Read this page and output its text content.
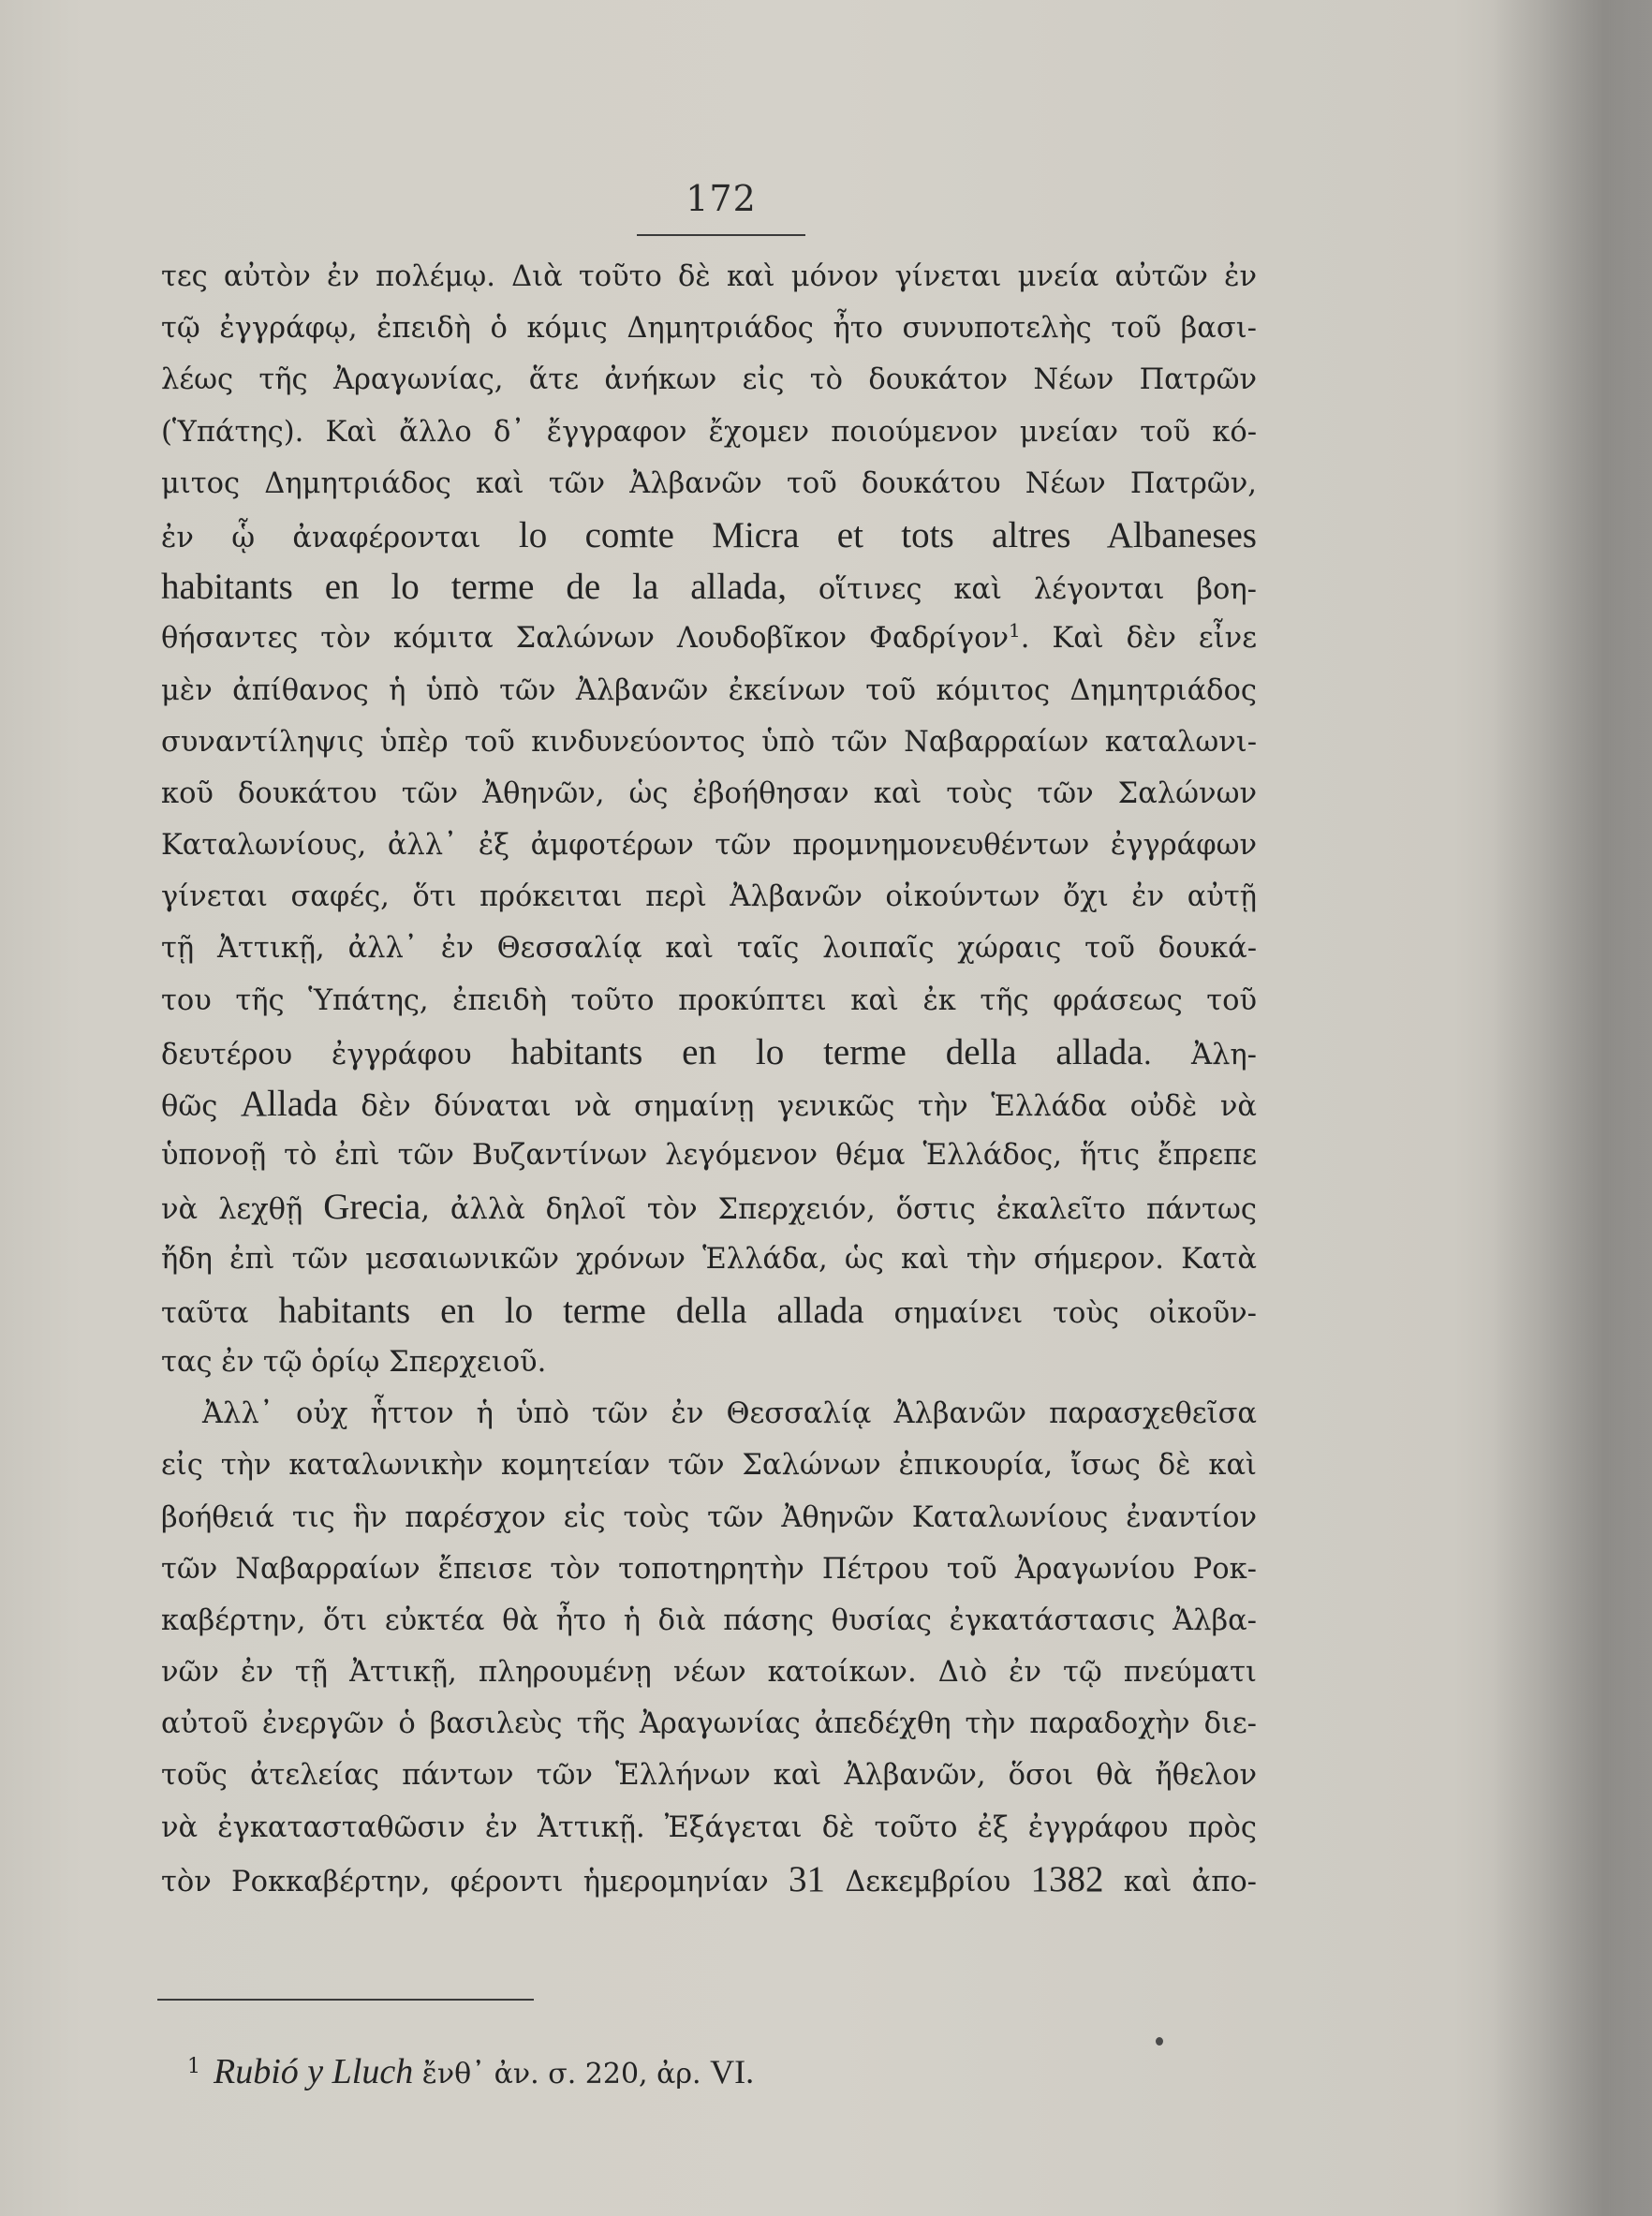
172
τες αὐτὸν ἐν πολέμῳ. Διὰ τοῦτο δὲ καὶ μόνον γίνεται μνεία αὐτῶν ἐν
τῷ ἐγγράφῳ, ἐπειδὴ ὁ κόμις Δημητριάδος ἦτο συνυποτελὴς τοῦ βασι-
λέως τῆς Ἀραγωνίας, ἅτε ἀνήκων εἰς τὸ δουκάτον Νέων Πατρῶν
(Ὑπάτης). Καὶ ἄλλο δ᾿ ἔγγραφον ἔχομεν ποιούμενον μνείαν τοῦ κό-
μιτος Δημητριάδος καὶ τῶν Ἀλβανῶν τοῦ δουκάτου Νέων Πατρῶν,
ἐν ᾧ ἀναφέρονται lo comte Micra et tots altres Albaneses
habitants en lo terme de la allada, οἵτινες καὶ λέγονται βοη-
θήσαντες τὸν κόμιτα Σαλώνων Λουδοβῖκον Φαδρίγον$^1$. Καὶ δὲν εἶνε
μὲν ἀπίθανος ἡ ὑπὸ τῶν Ἀλβανῶν ἐκείνων τοῦ κόμιτος Δημητριάδος
συναντίληψις ὑπὲρ τοῦ κινδυνεύοντος ὑπὸ τῶν Ναβαρραίων καταλωνι-
κοῦ δουκάτου τῶν Ἀθηνῶν, ὡς ἐβοήθησαν καὶ τοὺς τῶν Σαλώνων
Καταλωνίους, ἀλλ᾿ ἐξ ἀμφοτέρων τῶν προμνημονευθέντων ἐγγράφων
γίνεται σαφές, ὅτι πρόκειται περὶ Ἀλβανῶν οἰκούντων ὄχι ἐν αὐτῇ
τῇ Ἀττικῇ, ἀλλ᾿ ἐν Θεσσαλίᾳ καὶ ταῖς λοιπαῖς χώραις τοῦ δουκά-
του τῆς Ὑπάτης, ἐπειδὴ τοῦτο προκύπτει καὶ ἐκ τῆς φράσεως τοῦ
δευτέρου ἐγγράφου habitants en lo terme della allada. Ἀλη-
θῶς Allada δὲν δύναται νὰ σημαίνῃ γενικῶς τὴν Ἑλλάδα οὐδὲ νὰ
ὑπονοῇ τὸ ἐπὶ τῶν Βυζαντίνων λεγόμενον θέμα Ἑλλάδος, ἥτις ἔπρεπε
νὰ λεχθῇ Grecia, ἀλλὰ δηλοῖ τὸν Σπερχειόν, ὅστις ἐκαλεῖτο πάντως
ἤδη ἐπὶ τῶν μεσαιωνικῶν χρόνων Ἑλλάδα, ὡς καὶ τὴν σήμερον. Κατὰ
ταῦτα habitants en lo terme della allada σημαίνει τοὺς οἰκοῦν-
τας ἐν τῷ ὁρίῳ Σπερχειοῦ.
Ἀλλ᾿ οὐχ ἧττον ἡ ὑπὸ τῶν ἐν Θεσσαλίᾳ Ἀλβανῶν παρασχεθεῖσα
εἰς τὴν καταλωνικὴν κομητείαν τῶν Σαλώνων ἐπικουρία, ἴσως δὲ καὶ
βοήθειά τις ἣν παρέσχον εἰς τοὺς τῶν Ἀθηνῶν Καταλωνίους ἐναντίον
τῶν Ναβαρραίων ἔπεισε τὸν τοποτηρητὴν Πέτρου τοῦ Ἀραγωνίου Ροκ-
καβέρτην, ὅτι εὐκτέα θὰ ἦτο ἡ διὰ πάσης θυσίας ἐγκατάστασις Ἀλβα-
νῶν ἐν τῇ Ἀττικῇ, πληρουμένῃ νέων κατοίκων. Διὸ ἐν τῷ πνεύματι
αὐτοῦ ἐνεργῶν ὁ βασιλεὺς τῆς Ἀραγωνίας ἀπεδέχθη τὴν παραδοχὴν διε-
τοῦς ἀτελείας πάντων τῶν Ἑλλήνων καὶ Ἀλβανῶν, ὅσοι θὰ ἤθελον
νὰ ἐγκατασταθῶσιν ἐν Ἀττικῇ. Ἐξάγεται δὲ τοῦτο ἐξ ἐγγράφου πρὸς
τὸν Ροκκαβέρτην, φέροντι ἡμερομηνίαν 31 Δεκεμβρίου 1382 καὶ ἀπο-
$^1$ Rubió y Lluch ἔνθ᾿ ἀν. σ. 220, ἀρ. VI.
